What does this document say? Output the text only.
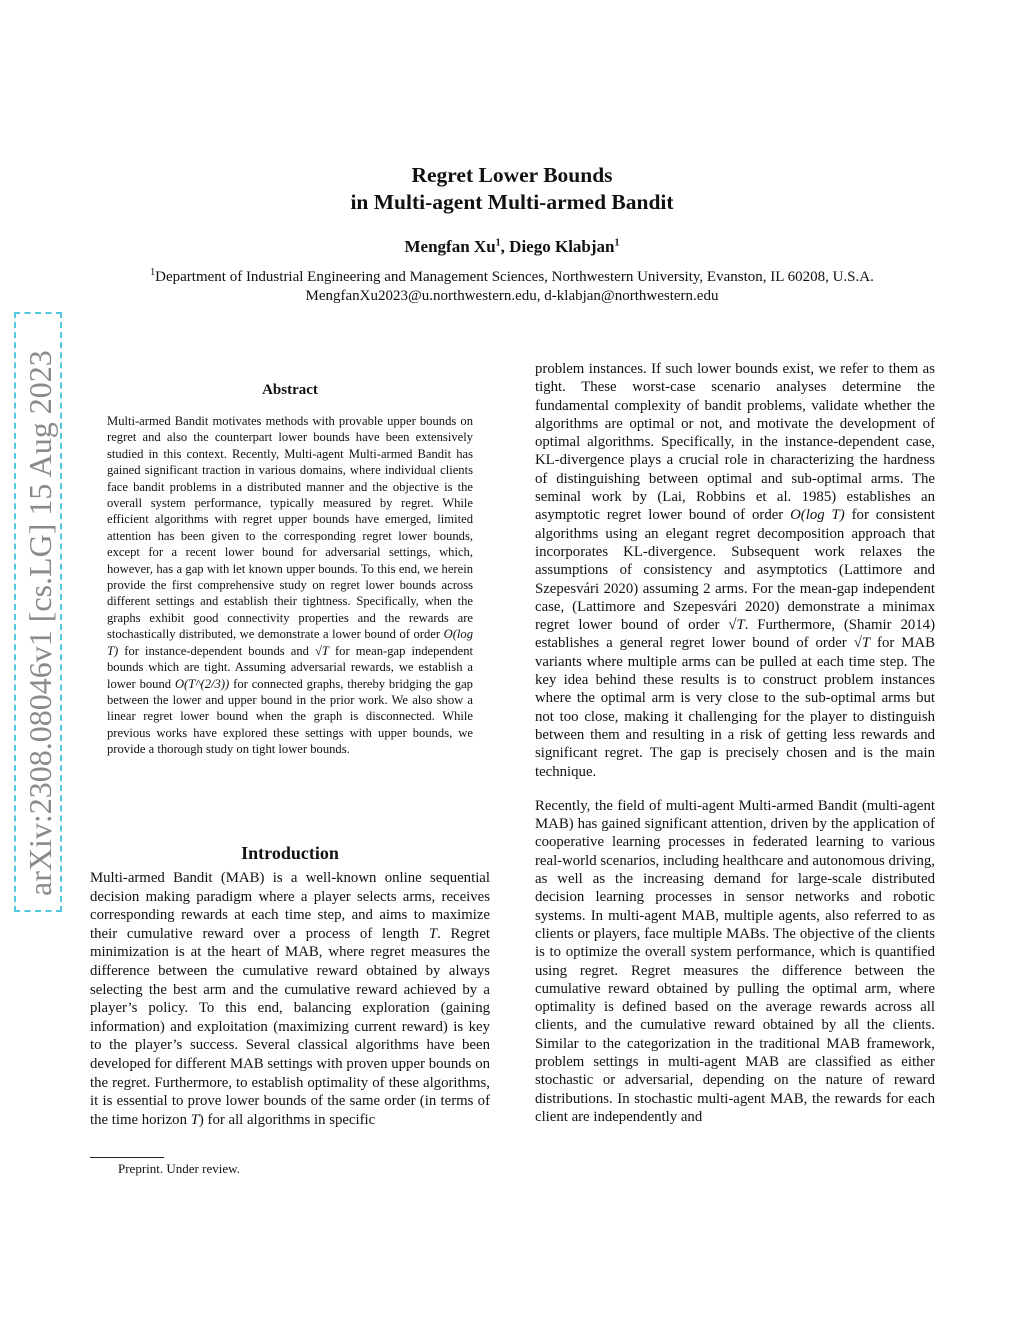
arXiv:2308.08046v1 [cs.LG] 15 Aug 2023
Regret Lower Bounds
in Multi-agent Multi-armed Bandit
Mengfan Xu$^1$, Diego Klabjan$^1$
$^1$Department of Industrial Engineering and Management Sciences, Northwestern University, Evanston, IL 60208, U.S.A.
MengfanXu2023@u.northwestern.edu, d-klabjan@northwestern.edu
Abstract

Multi-armed Bandit motivates methods with provable upper bounds on regret and also the counterpart lower bounds have been extensively studied in this context. Recently, Multi-agent Multi-armed Bandit has gained significant traction in various domains, where individual clients face bandit problems in a distributed manner and the objective is the overall system performance, typically measured by regret. While efficient algorithms with regret upper bounds have emerged, limited attention has been given to the corresponding regret lower bounds, except for a recent lower bound for adversarial settings, which, however, has a gap with let known upper bounds. To this end, we herein provide the first comprehensive study on regret lower bounds across different settings and establish their tightness. Specifically, when the graphs exhibit good connectivity properties and the rewards are stochastically distributed, we demonstrate a lower bound of order O(log T) for instance-dependent bounds and √T for mean-gap independent bounds which are tight. Assuming adversarial rewards, we establish a lower bound O(T^(2/3)) for connected graphs, thereby bridging the gap between the lower and upper bound in the prior work. We also show a linear regret lower bound when the graph is disconnected. While previous works have explored these settings with upper bounds, we provide a thorough study on tight lower bounds.

Introduction

Multi-armed Bandit (MAB) is a well-known online sequential decision making paradigm where a player selects arms, receives corresponding rewards at each time step, and aims to maximize their cumulative reward over a process of length T. Regret minimization is at the heart of MAB, where regret measures the difference between the cumulative reward obtained by always selecting the best arm and the cumulative reward achieved by a player’s policy. To this end, balancing exploration (gaining information) and exploitation (maximizing current reward) is key to the player’s success. Several classical algorithms have been developed for different MAB settings with proven upper bounds on the regret. Furthermore, to establish optimality of these algorithms, it is essential to prove lower bounds of the same order (in terms of the time horizon T) for all algorithms in specific

Preprint. Under review.

problem instances. If such lower bounds exist, we refer to them as tight. These worst-case scenario analyses determine the fundamental complexity of bandit problems, validate whether the algorithms are optimal or not, and motivate the development of optimal algorithms. Specifically, in the instance-dependent case, KL-divergence plays a crucial role in characterizing the hardness of distinguishing between optimal and sub-optimal arms. The seminal work by (Lai, Robbins et al. 1985) establishes an asymptotic regret lower bound of order O(log T) for consistent algorithms using an elegant regret decomposition approach that incorporates KL-divergence. Subsequent work relaxes the assumptions of consistency and asymptotics (Lattimore and Szepesvári 2020) assuming 2 arms. For the mean-gap independent case, (Lattimore and Szepesvári 2020) demonstrate a minimax regret lower bound of order √T. Furthermore, (Shamir 2014) establishes a general regret lower bound of order √T for MAB variants where multiple arms can be pulled at each time step. The key idea behind these results is to construct problem instances where the optimal arm is very close to the sub-optimal arms but not too close, making it challenging for the player to distinguish between them and resulting in a risk of getting less rewards and significant regret. The gap is precisely chosen and is the main technique.

Recently, the field of multi-agent Multi-armed Bandit (multi-agent MAB) has gained significant attention, driven by the application of cooperative learning processes in federated learning to various real-world scenarios, including healthcare and autonomous driving, as well as the increasing demand for large-scale distributed decision learning processes in sensor networks and robotic systems. In multi-agent MAB, multiple agents, also referred to as clients or players, face multiple MABs. The objective of the clients is to optimize the overall system performance, which is quantified using regret. Regret measures the difference between the cumulative reward obtained by pulling the optimal arm, where optimality is defined based on the average rewards across all clients, and the cumulative reward obtained by all the clients. Similar to the categorization in the traditional MAB framework, problem settings in multi-agent MAB are classified as either stochastic or adversarial, depending on the nature of reward distributions. In stochastic multi-agent MAB, the rewards for each client are independently and
